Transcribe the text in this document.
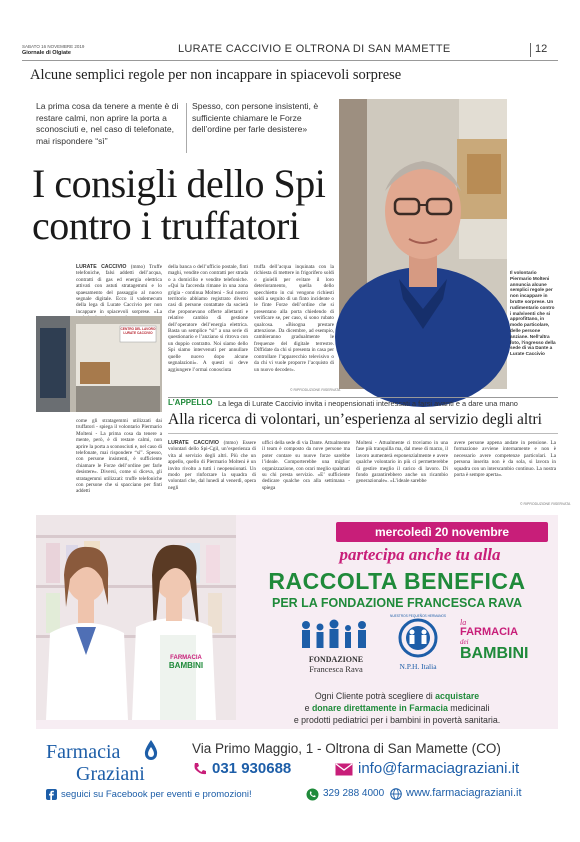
SABATO 16 NOVEMBRE 2019
Giornale di Olgiate	LURATE CACCIVIO E OLTRONA DI SAN MAMETTE	12
Alcune semplici regole per non incappare in spiacevoli sorprese
La prima cosa da tenere a mente è di restare calmi, non aprire la porta a sconosciuti e, nel caso di telefonate, mai rispondere “sì”
Spesso, con persone insistenti, è sufficiente chiamare le Forze dell’ordine per farle desistere»
I consigli dello Spi
contro i truffatori
Il volontario Piermario Molteni annuncia alcune semplici regole per non incappare in brutte sorprese. Un rudimentario contro i malviventi che si approfittano, in modo particolare, delle persone anziane. Nell’altra foto, l’ingresso della sede di via Dante a Lurate Caccivio
LURATE CACCIVIO (mmo) Truffe telefoniche, falsi addetti dell’acqua, contratti di gas ed energia elettrica attivati con astuti stratagemmi e lo spaesamento del passaggio al nuovo segnale digitale. Ecco il vademecum della lega di Lurate Caccivio per non incappare in spiacevoli sorprese. «La
CENTRO DEL LAVORO LURATE CACCIVIO
come gli stratagemmi utilizzati dai truffatori - spiega il volontario Piermario Molteni - La prima cosa da tenere a mente, però, è di restare calmi, non aprire la porta a sconosciuti e, nel caso di telefonate, mai rispondere “sì”. Spesso, con persone insistenti, è sufficiente chiamare le Forze dell’ordine per farle desistere». Diversi, come si diceva, gli stratagemmi utilizzati: truffe telefoniche con persone che si spacciano per finti addetti
della banca o dell’ufficio postale, finti maghi, vendite con contratti per strada o a domicilio e vendite telefoniche. «Qui la faccenda rimane in una zona grigia - continua Molteni - Sul nostro territorio abbiamo registrato diversi casi di persone contattate da società che proponevano offerte allettanti e relative cambio di gestione dell’operatore dell’energia elettrica. Basta un semplice “sì” a una serie di questionario e l’anziano si ritrova con un doppio contratto. Noi siamo dello Spi siamo intervenuti per annullare quelle nuovo dopo alcune segnalazioni». A questi si deve aggiungere l’ormai conosciuta
truffa dell’acqua inquinata con la richiesta di mettere in frigorifero soldi o gioielli per evitare il loro deterioramento, quella dello specchietto in cui vengono richiesti soldi a seguito di un finto incidente o le finte Forze dell’ordine che si presentano alla porta chiedendo di verificare se, per caso, si sono rubato qualcosa. «Bisogna prestare attenzione. Da dicembre, ad esempio, cambieranno gradualmente le frequenze del digitale terrestre. Diffidate da chi si presenta in casa per controllare l’apparecchio televisivo o da chi vi vuole proporre l’acquisto di un nuovo decoder».
© RIPRODUZIONE RISERVATA
L’APPELLO La lega di Lurate Caccivio invita i neopensionati interessati a farsi avanti e a dare una mano
Alla ricerca di volontari, un’esperienza al servizio degli altri
LURATE CACCIVIO (mmo) Essere volontari dello Spi-Cgil, un’esperienza di vita al servizio degli altri. Più che un appello, quello di Piermario Molteni è un invito rivolto a tutti i neopensionati. Un modo per rinforzare la squadra di volontari che, dal lunedì al venerdì, opera negli
uffici della sede di via Dante. Attualmente il team è composto da nove persone ma poter contare su nuove forze sarebbe l’ideale. Comporterebbe una miglior organizzazione, con orari meglio spalmati su chi presta servizio. «E’ sufficiente dedicare qualche ora alla settimana - spiega
Molteni - Attualmente ci troviamo in una fase più tranquilla ma, dal mese di marzo, il lavoro aumenterà esponenzialmente e avere qualche volontario in più ci permetterebbe di gestire meglio il carico di lavoro. Di fondo garantirebbero anche un ricambio generazionale». «L’ideale sarebbe
avere persone appena andate in pensione. La formazione avviene internamente e non è necessario avere competenze particolari. La persona inserita non è da sola, si lavora in squadra con un interscambio continuo. La nostra porta è sempre aperta».
© RIPRODUZIONE RISERVATA
FARMACIA
BAMBINI
mercoledì 20 novembre
partecipa anche tu alla
RACCOLTA BENEFICA
PER LA FONDAZIONE FRANCESCA RAVA
FONDAZIONE
Francesca Rava
NUESTROS PEQUEÑOS HERMANOS
N.P.H. Italia
la
FARMACIA
dei
BAMBINI
Ogni Cliente potrà scegliere di acquistare
e donare direttamente in Farmacia medicinali
e prodotti pediatrici per i bambini in povertà sanitaria.
Farmacia
Graziani
Via Primo Maggio, 1 - Oltrona di San Mamette (CO)
031 930688	info@farmaciagraziani.it
seguici su Facebook per eventi e promozioni!	329 288 4000 www.farmaciagraziani.it
